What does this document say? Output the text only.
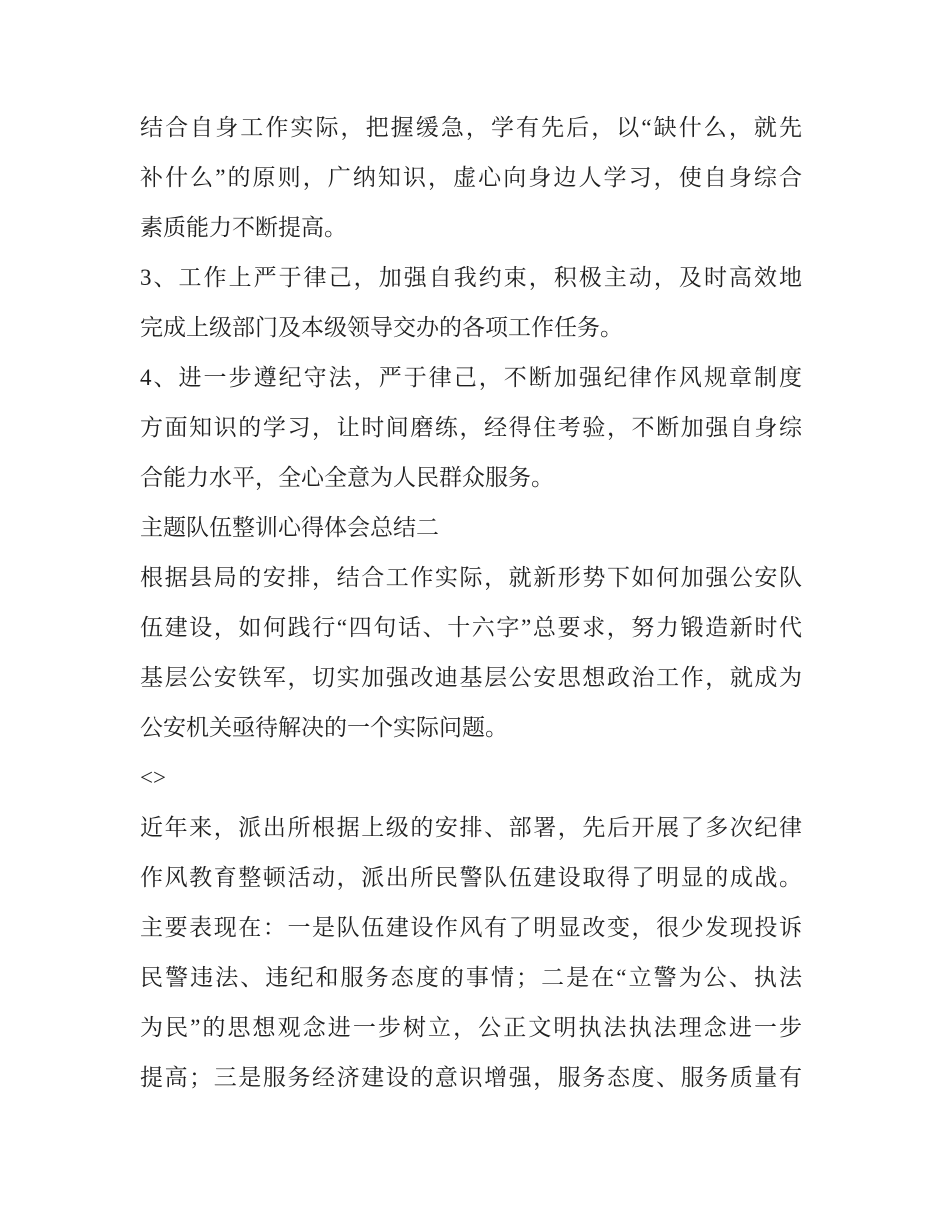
结合自身工作实际，把握缓急，学有先后，以“缺什么，就先
补什么”的原则，广纳知识，虚心向身边人学习，使自身综合
素质能力不断提高。
3、工作上严于律己，加强自我约束，积极主动，及时高效地
完成上级部门及本级领导交办的各项工作任务。
4、进一步遵纪守法，严于律己，不断加强纪律作风规章制度
方面知识的学习，让时间磨练，经得住考验，不断加强自身综
合能力水平，全心全意为人民群众服务。
主题队伍整训心得体会总结二
根据县局的安排，结合工作实际，就新形势下如何加强公安队
伍建设，如何践行“四句话、十六字”总要求，努力锻造新时代
基层公安铁军，切实加强改迪基层公安思想政治工作，就成为
公安机关亟待解决的一个实际问题。
<>
近年来，派出所根据上级的安排、部署，先后开展了多次纪律
作风教育整顿活动，派出所民警队伍建设取得了明显的成战。
主要表现在：一是队伍建设作风有了明显改变，很少发现投诉
民警违法、违纪和服务态度的事情；二是在“立警为公、执法
为民”的思想观念进一步树立，公正文明执法执法理念进一步
提高；三是服务经济建设的意识增强，服务态度、服务质量有
